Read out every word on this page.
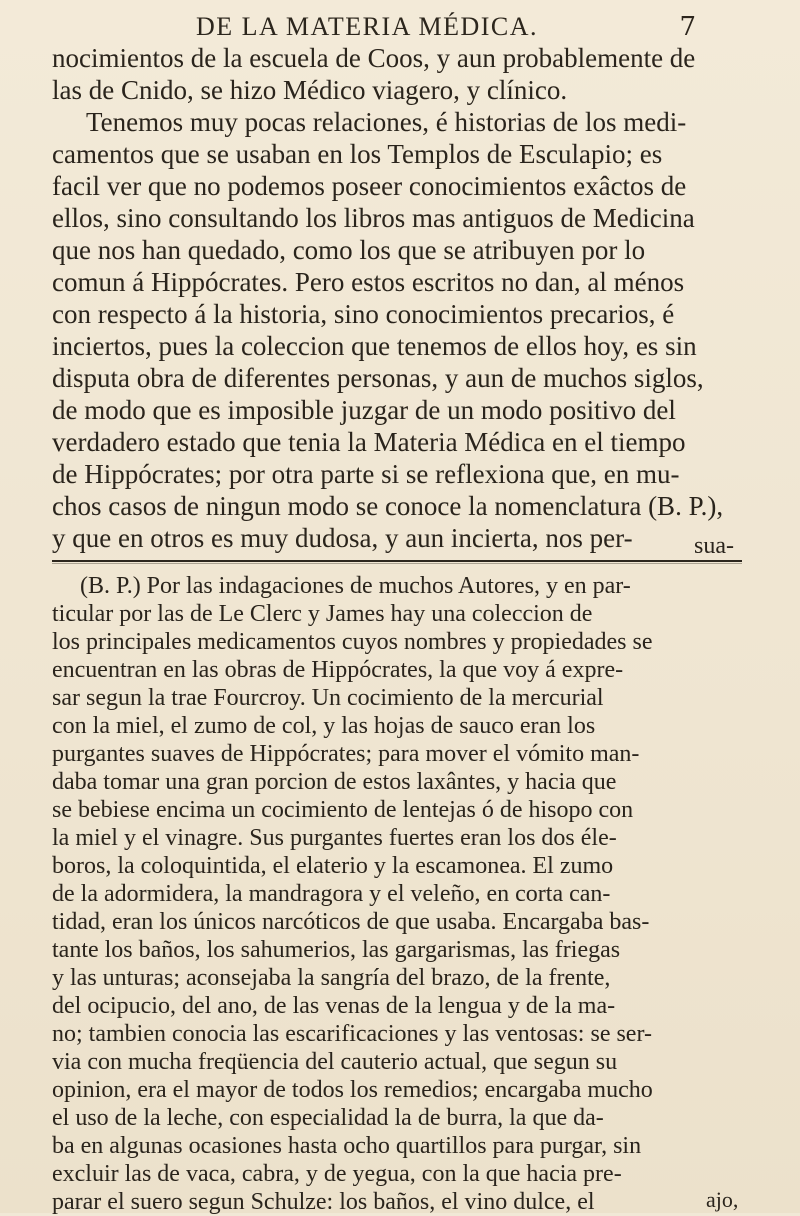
DE LA MATERIA MÉDICA.	7
nocimientos de la escuela de Coos, y aun probablemente de
las de Cnido, se hizo Médico viagero, y clínico.
Tenemos muy pocas relaciones, é historias de los medi-
camentos que se usaban en los Templos de Esculapio; es
facil ver que no podemos poseer conocimientos exâctos de
ellos, sino consultando los libros mas antiguos de Medicina
que nos han quedado, como los que se atribuyen por lo
comun á Hippócrates. Pero estos escritos no dan, al ménos
con respecto á la historia, sino conocimientos precarios, é
inciertos, pues la coleccion que tenemos de ellos hoy, es sin
disputa obra de diferentes personas, y aun de muchos siglos,
de modo que es imposible juzgar de un modo positivo del
verdadero estado que tenia la Materia Médica en el tiempo
de Hippócrates; por otra parte si se reflexiona que, en mu-
chos casos de ningun modo se conoce la nomenclatura (B. P.),
y que en otros es muy dudosa, y aun incierta, nos per-	sua-
(B. P.) Por las indagaciones de muchos Autores, y en par-
ticular por las de Le Clerc y James hay una coleccion de
los principales medicamentos cuyos nombres y propiedades se
encuentran en las obras de Hippócrates, la que voy á expre-
sar segun la trae Fourcroy. Un cocimiento de la mercurial
con la miel, el zumo de col, y las hojas de sauco eran los
purgantes suaves de Hippócrates; para mover el vómito man-
daba tomar una gran porcion de estos laxântes, y hacia que
se bebiese encima un cocimiento de lentejas ó de hisopo con
la miel y el vinagre. Sus purgantes fuertes eran los dos éle-
boros, la coloquintida, el elaterio y la escamonea. El zumo
de la adormidera, la mandragora y el veleño, en corta can-
tidad, eran los únicos narcóticos de que usaba. Encargaba bas-
tante los baños, los sahumerios, las gargarismas, las friegas
y las unturas; aconsejaba la sangría del brazo, de la frente,
del ocipucio, del ano, de las venas de la lengua y de la ma-
no; tambien conocia las escarificaciones y las ventosas: se ser-
via con mucha freqüencia del cauterio actual, que segun su
opinion, era el mayor de todos los remedios; encargaba mucho
el uso de la leche, con especialidad la de burra, la que da-
ba en algunas ocasiones hasta ocho quartillos para purgar, sin
excluir las de vaca, cabra, y de yegua, con la que hacia pre-
parar el suero segun Schulze: los baños, el vino dulce, el	ajo,
